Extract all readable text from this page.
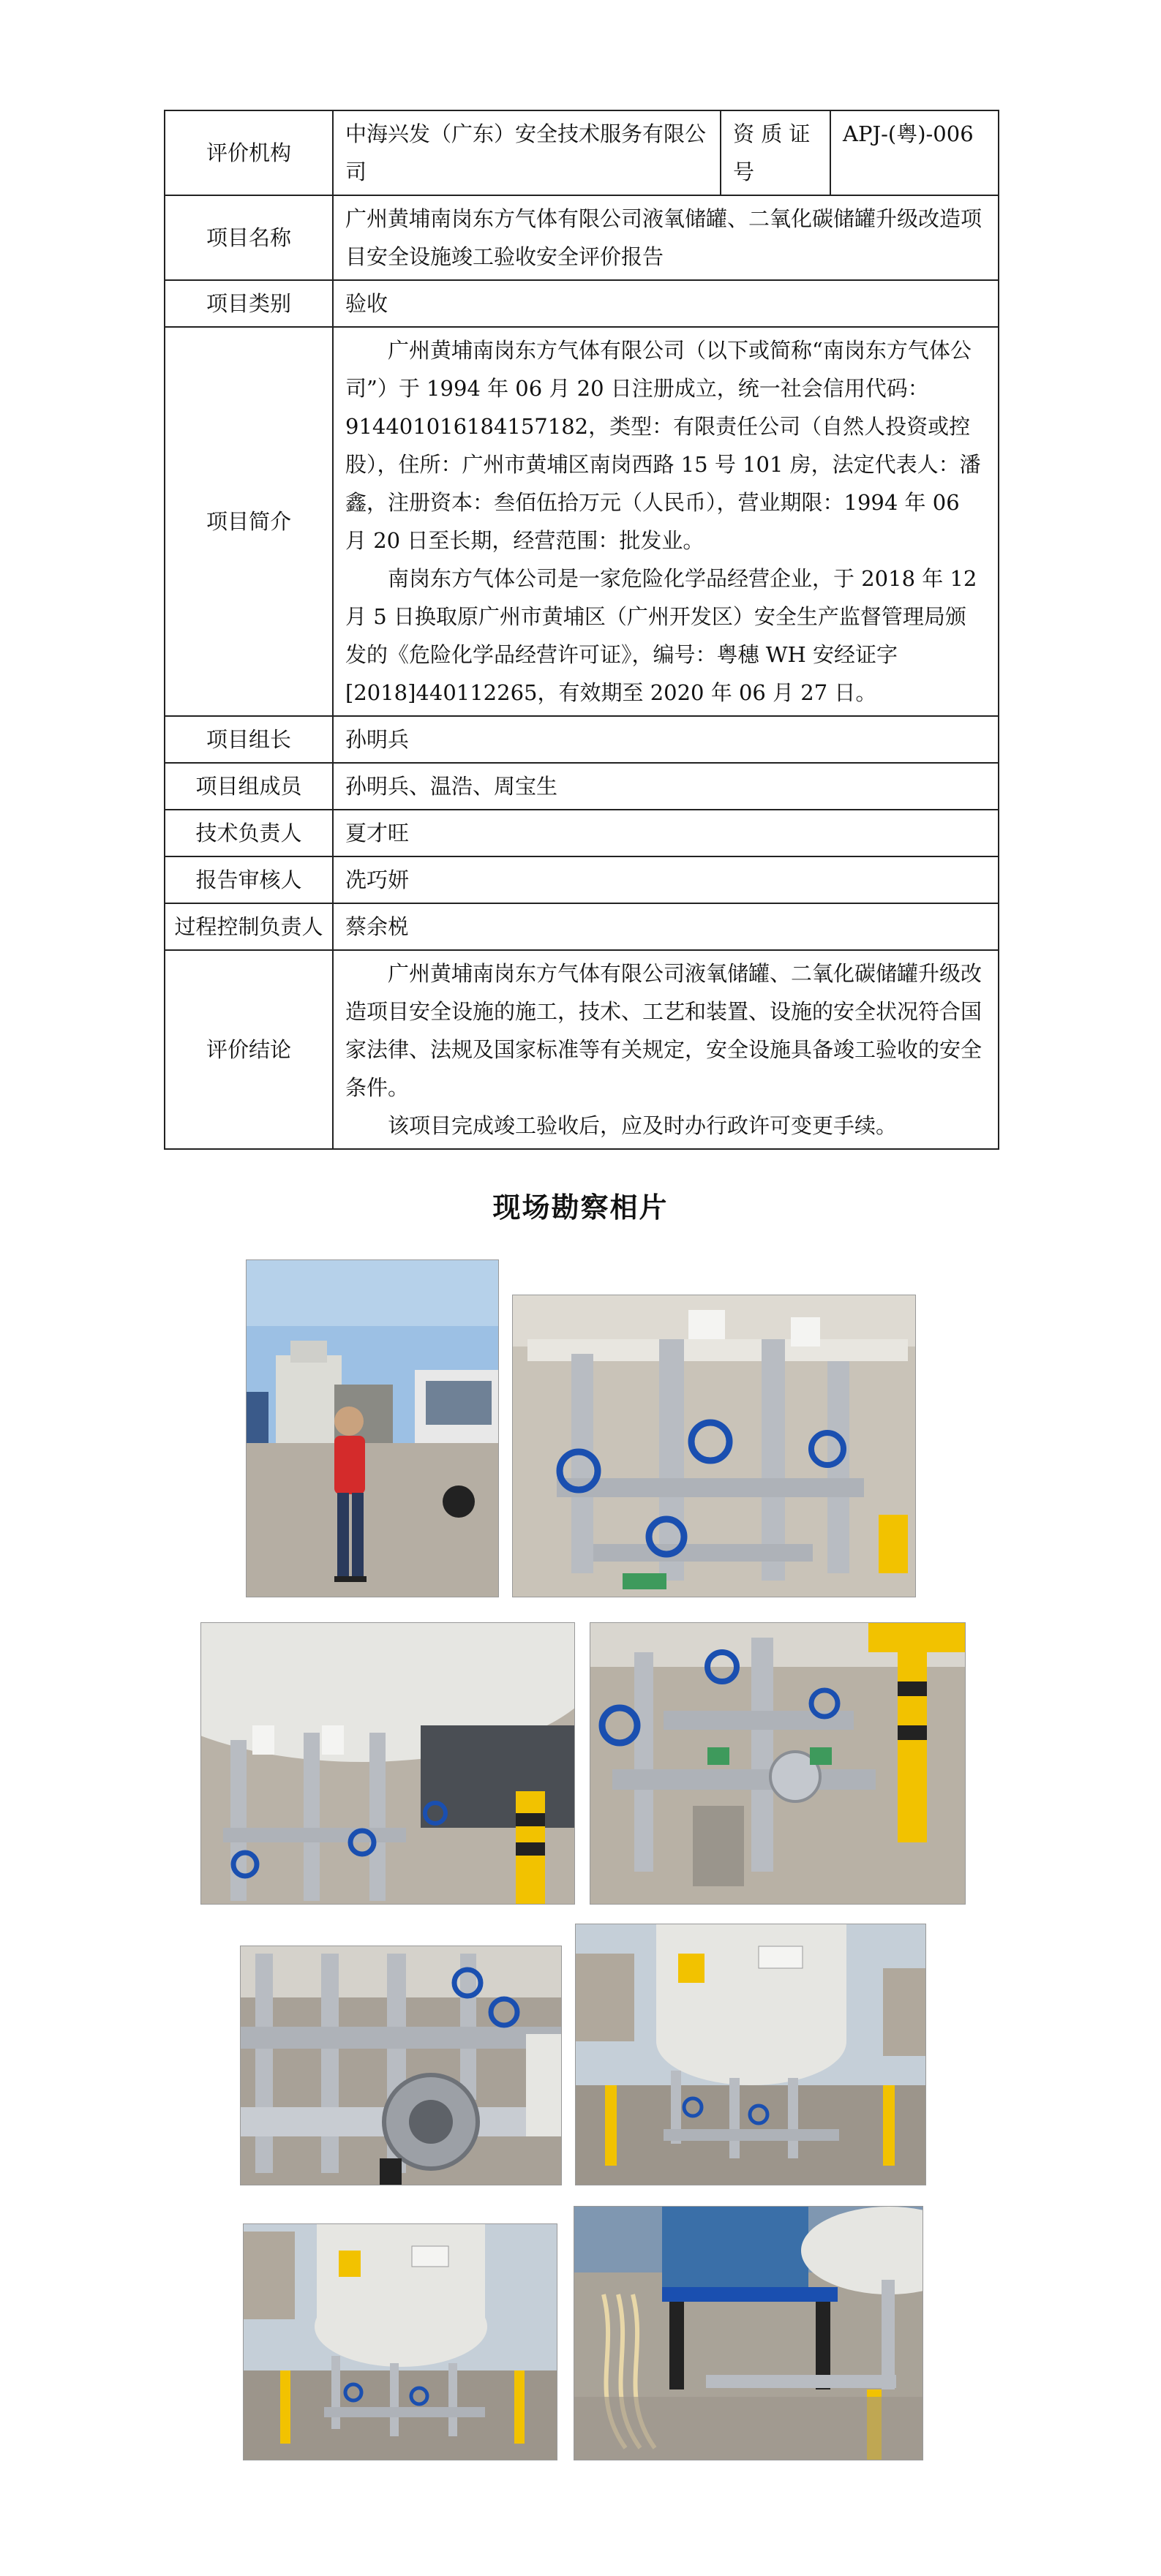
评价机构	中海兴发（广东）安全技术服务有限公司	资 质 证 号	APJ-(粤)-006
项目名称	广州黄埔南岗东方气体有限公司液氧储罐、二氧化碳储罐升级改造项目安全设施竣工验收安全评价报告		
项目类别	验收		
项目简介	广州黄埔南岗东方气体有限公司（以下或简称“南岗东方气体公司”）于 1994 年 06 月 20 日注册成立，统一社会信用代码：914401016184157182，类型：有限责任公司（自然人投资或控股），住所：广州市黄埔区南岗西路 15 号 101 房，法定代表人：潘鑫，注册资本：叁佰伍拾万元（人民币），营业期限：1994 年 06 月 20 日至长期，经营范围：批发业。
南岗东方气体公司是一家危险化学品经营企业，于 2018 年 12 月 5 日换取原广州市黄埔区（广州开发区）安全生产监督管理局颁发的《危险化学品经营许可证》，编号：粤穗 WH 安经证字[2018]440112265，有效期至 2020 年 06 月 27 日。		

项目组长	孙明兵		
项目组成员	孙明兵、温浩、周宝生		
技术负责人	夏才旺		
报告审核人	冼巧妍		
过程控制负责人	蔡余棁		
评价结论	广州黄埔南岗东方气体有限公司液氧储罐、二氧化碳储罐升级改造项目安全设施的施工，技术、工艺和装置、设施的安全状况符合国家法律、法规及国家标准等有关规定，安全设施具备竣工验收的安全条件。
该项目完成竣工验收后，应及时办行政许可变更手续。		
现场勘察相片
